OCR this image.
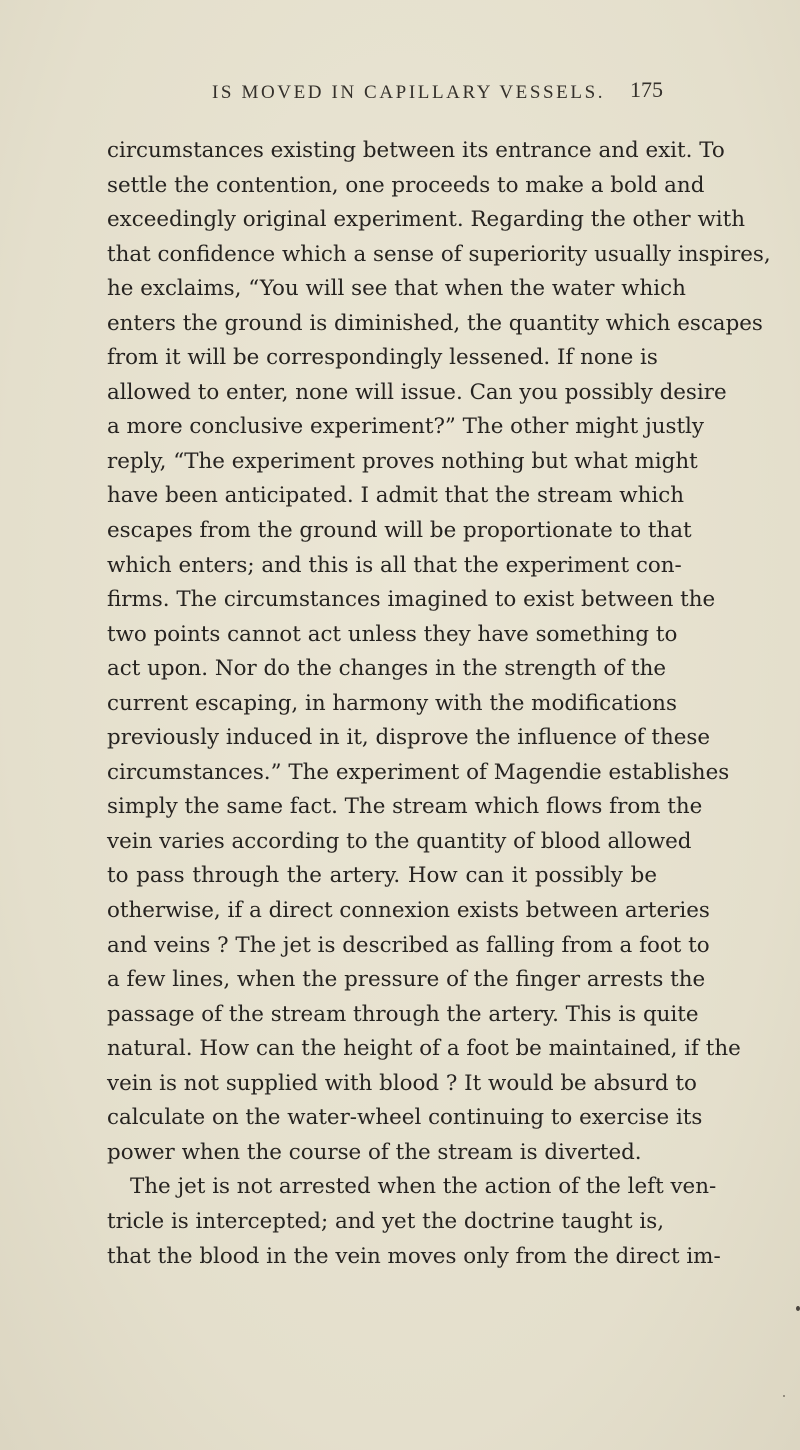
IS MOVED IN CAPILLARY VESSELS. 175
circumstances existing between its entrance and exit. To
settle the contention, one proceeds to make a bold and
exceedingly original experiment. Regarding the other with
that confidence which a sense of superiority usually inspires,
he exclaims, “You will see that when the water which
enters the ground is diminished, the quantity which escapes
from it will be correspondingly lessened. If none is
allowed to enter, none will issue. Can you possibly desire
a more conclusive experiment?” The other might justly
reply, “The experiment proves nothing but what might
have been anticipated. I admit that the stream which
escapes from the ground will be proportionate to that
which enters; and this is all that the experiment con-
firms. The circumstances imagined to exist between the
two points cannot act unless they have something to
act upon. Nor do the changes in the strength of the
current escaping, in harmony with the modifications
previously induced in it, disprove the influence of these
circumstances.” The experiment of Magendie establishes
simply the same fact. The stream which flows from the
vein varies according to the quantity of blood allowed
to pass through the artery. How can it possibly be
otherwise, if a direct connexion exists between arteries
and veins ? The jet is described as falling from a foot to
a few lines, when the pressure of the finger arrests the
passage of the stream through the artery. This is quite
natural. How can the height of a foot be maintained, if the
vein is not supplied with blood ? It would be absurd to
calculate on the water-wheel continuing to exercise its
power when the course of the stream is diverted.
The jet is not arrested when the action of the left ven-
tricle is intercepted; and yet the doctrine taught is,
that the blood in the vein moves only from the direct im-
